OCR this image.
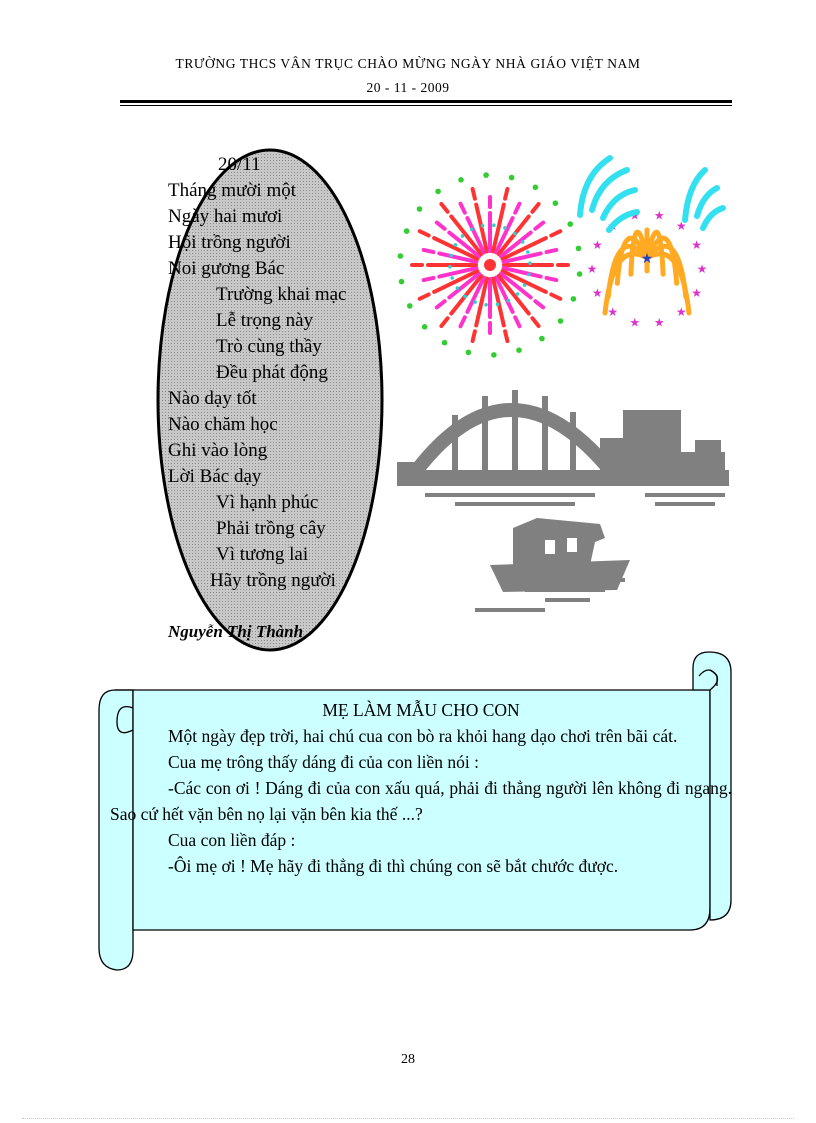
TRƯỜNG THCS VÂN TRỤC CHÀO MỪNG NGÀY NHÀ GIÁO VIỆT NAM
20 - 11 - 2009
20/11
Tháng mười một
Ngày hai mươi
Hội trồng người
Noi gương Bác
Trường khai mạc
Lễ trọng này
Trò cùng thầy
Đều phát động
Nào dạy tốt
Nào chăm học
Ghi vào lòng
Lời Bác dạy
Vì hạnh phúc
Phải trồng cây
Vì tương lai
Hãy trồng người
Nguyễn Thị Thành
★
★
★
★
★
★
★
★
★
★
★ ★
★
★
★
MẸ LÀM MẪU CHO CON

Một ngày đẹp trời, hai chú cua con bò ra khỏi hang dạo chơi trên bãi cát.

Cua mẹ trông thấy dáng đi của con liền nói :

-Các con ơi ! Dáng đi của con xấu quá, phải đi thẳng người lên không đi ngang. Sao cứ hết vặn bên nọ lại vặn bên kia thế ...?

Cua con liền đáp :

-Ôi mẹ ơi ! Mẹ hãy đi thẳng đi thì chúng con sẽ bắt chước được.

28
